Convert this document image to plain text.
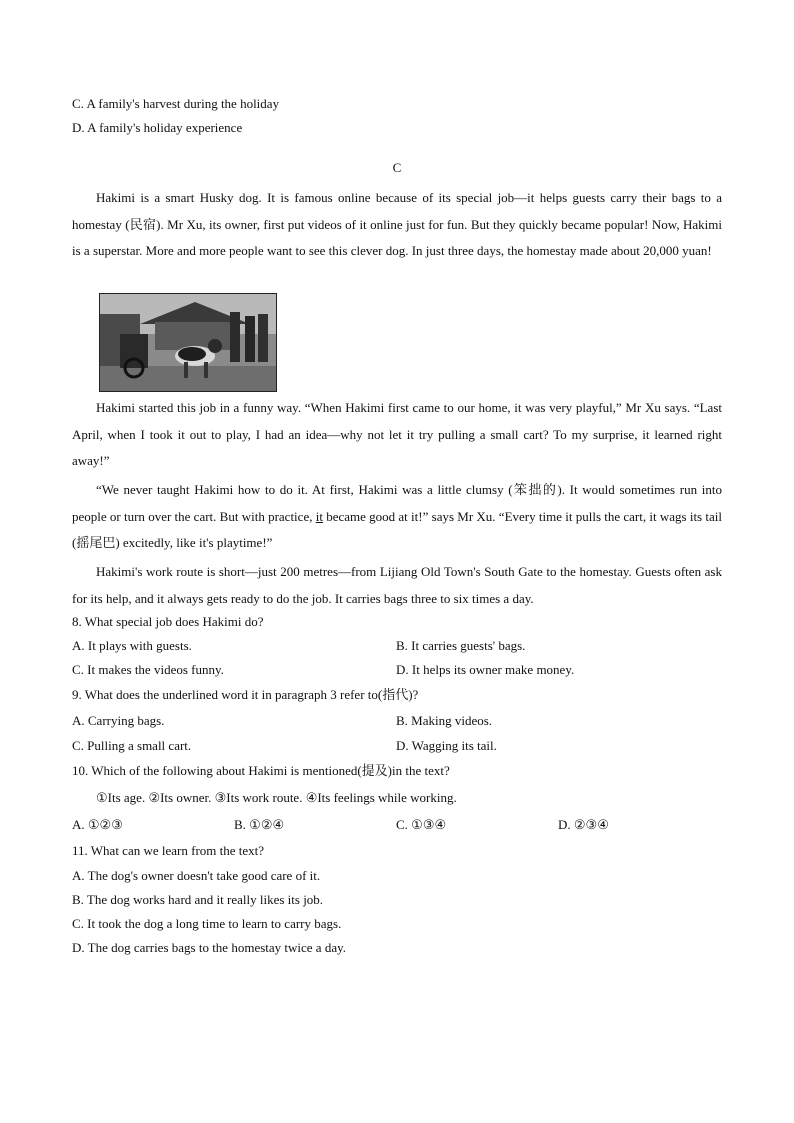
C. A family's harvest during the holiday
D. A family's holiday experience
C
Hakimi is a smart Husky dog. It is famous online because of its special job—it helps guests carry their bags to a homestay (民宿). Mr Xu, its owner, first put videos of it online just for fun. But they quickly became popular! Now, Hakimi is a superstar. More and more people want to see this clever dog. In just three days, the homestay made about 20,000 yuan!
Hakimi started this job in a funny way. “When Hakimi first came to our home, it was very playful,” Mr Xu says. “Last April, when I took it out to play, I had an idea—why not let it try pulling a small cart? To my surprise, it learned right away!”
“We never taught Hakimi how to do it. At first, Hakimi was a little clumsy (笨拙的). It would sometimes run into people or turn over the cart. But with practice, it became good at it!” says Mr Xu. “Every time it pulls the cart, it wags its tail (摇尾巴) excitedly, like it's playtime!”
Hakimi's work route is short—just 200 metres—from Lijiang Old Town's South Gate to the homestay. Guests often ask for its help, and it always gets ready to do the job. It carries bags three to six times a day.
8. What special job does Hakimi do?
A. It plays with guests.	B. It carries guests' bags.
C. It makes the videos funny.	D. It helps its owner make money.
9. What does the underlined word it in paragraph 3 refer to(指代)?
A. Carrying bags.	B. Making videos.
C. Pulling a small cart.	D. Wagging its tail.
10. Which of the following about Hakimi is mentioned(提及)in the text?
①Its age. ②Its owner. ③Its work route. ④Its feelings while working.
A. ①②③	B. ①②④	C. ①③④	D. ②③④
11. What can we learn from the text?
A. The dog's owner doesn't take good care of it.
B. The dog works hard and it really likes its job.
C. It took the dog a long time to learn to carry bags.
D. The dog carries bags to the homestay twice a day.
